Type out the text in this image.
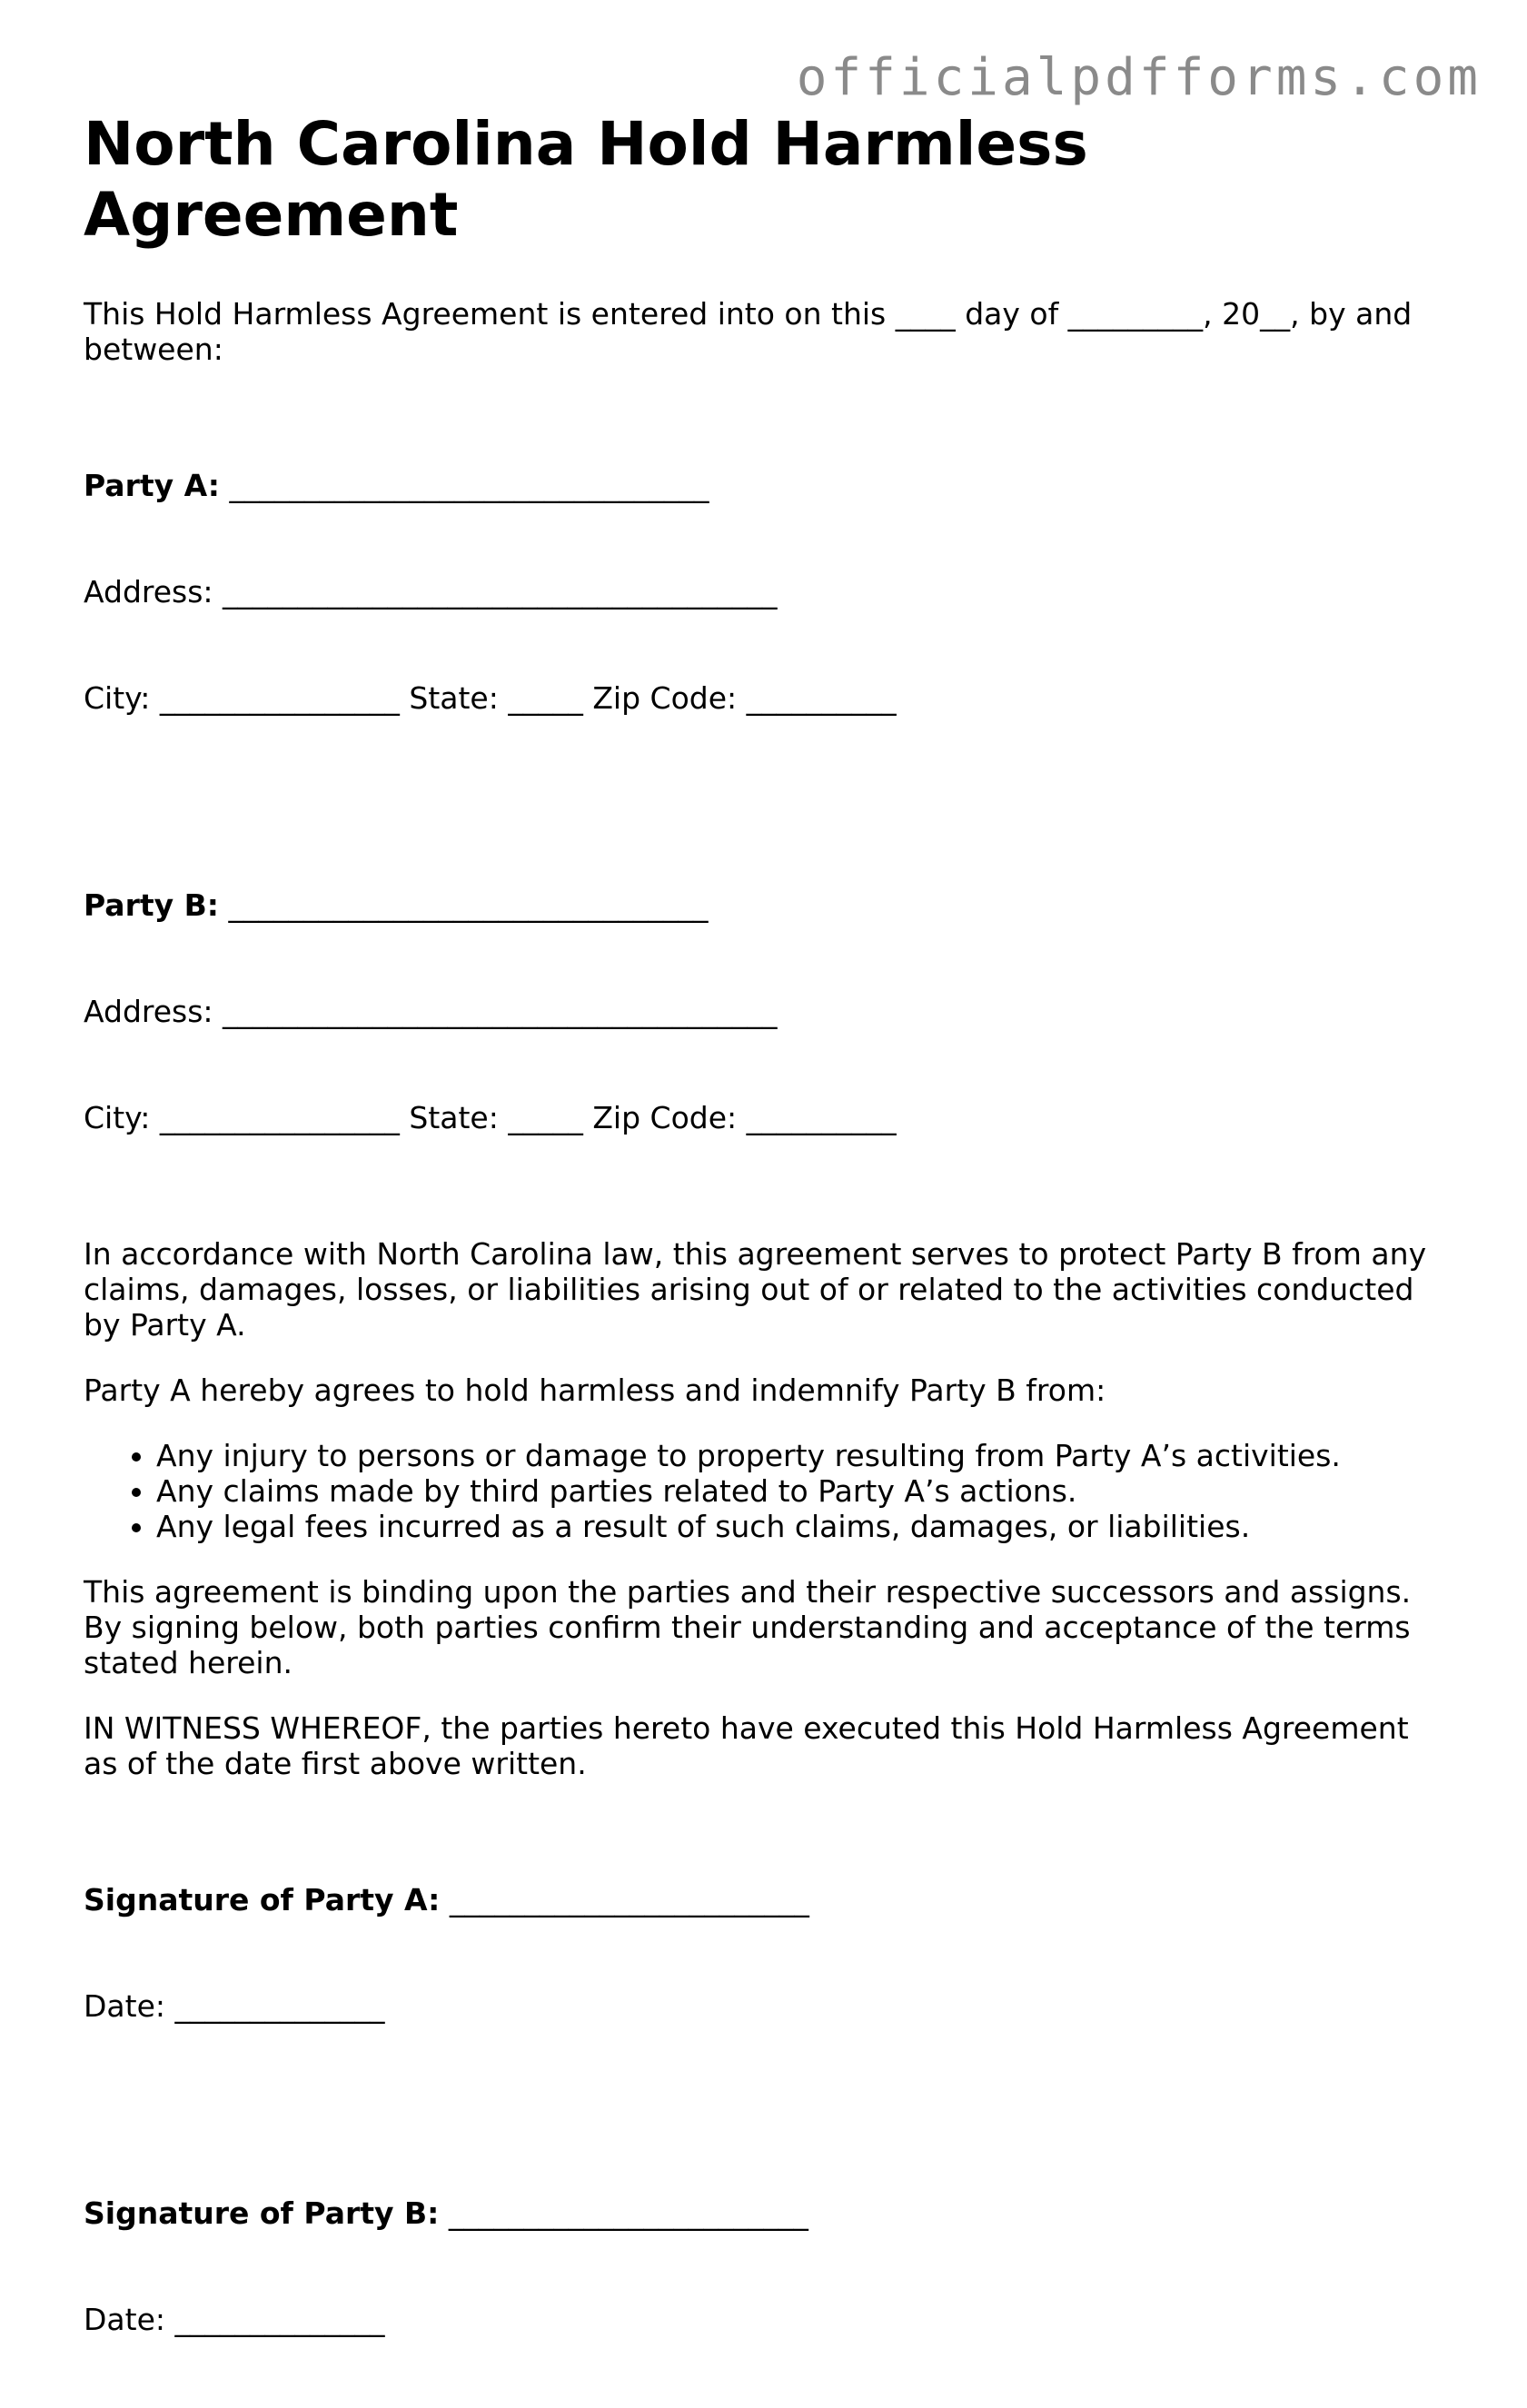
officialpdfforms.com
North Carolina Hold Harmless Agreement

This Hold Harmless Agreement is entered into on this ____ day of _________, 20__, by and between:

Party A: ________________________________

Address: _____________________________________

City: ________________ State: _____ Zip Code: __________

Party B: ________________________________

Address: _____________________________________

City: ________________ State: _____ Zip Code: __________

In accordance with North Carolina law, this agreement serves to protect Party B from any claims, damages, losses, or liabilities arising out of or related to the activities conducted by Party A.

Party A hereby agrees to hold harmless and indemnify Party B from:

• Any injury to persons or damage to property resulting from Party A’s activities.
• Any claims made by third parties related to Party A’s actions.
• Any legal fees incurred as a result of such claims, damages, or liabilities.

This agreement is binding upon the parties and their respective successors and assigns. By signing below, both parties confirm their understanding and acceptance of the terms stated herein.

IN WITNESS WHEREOF, the parties hereto have executed this Hold Harmless Agreement as of the date first above written.

Signature of Party A: ________________________

Date: ______________

Signature of Party B: ________________________

Date: ______________
